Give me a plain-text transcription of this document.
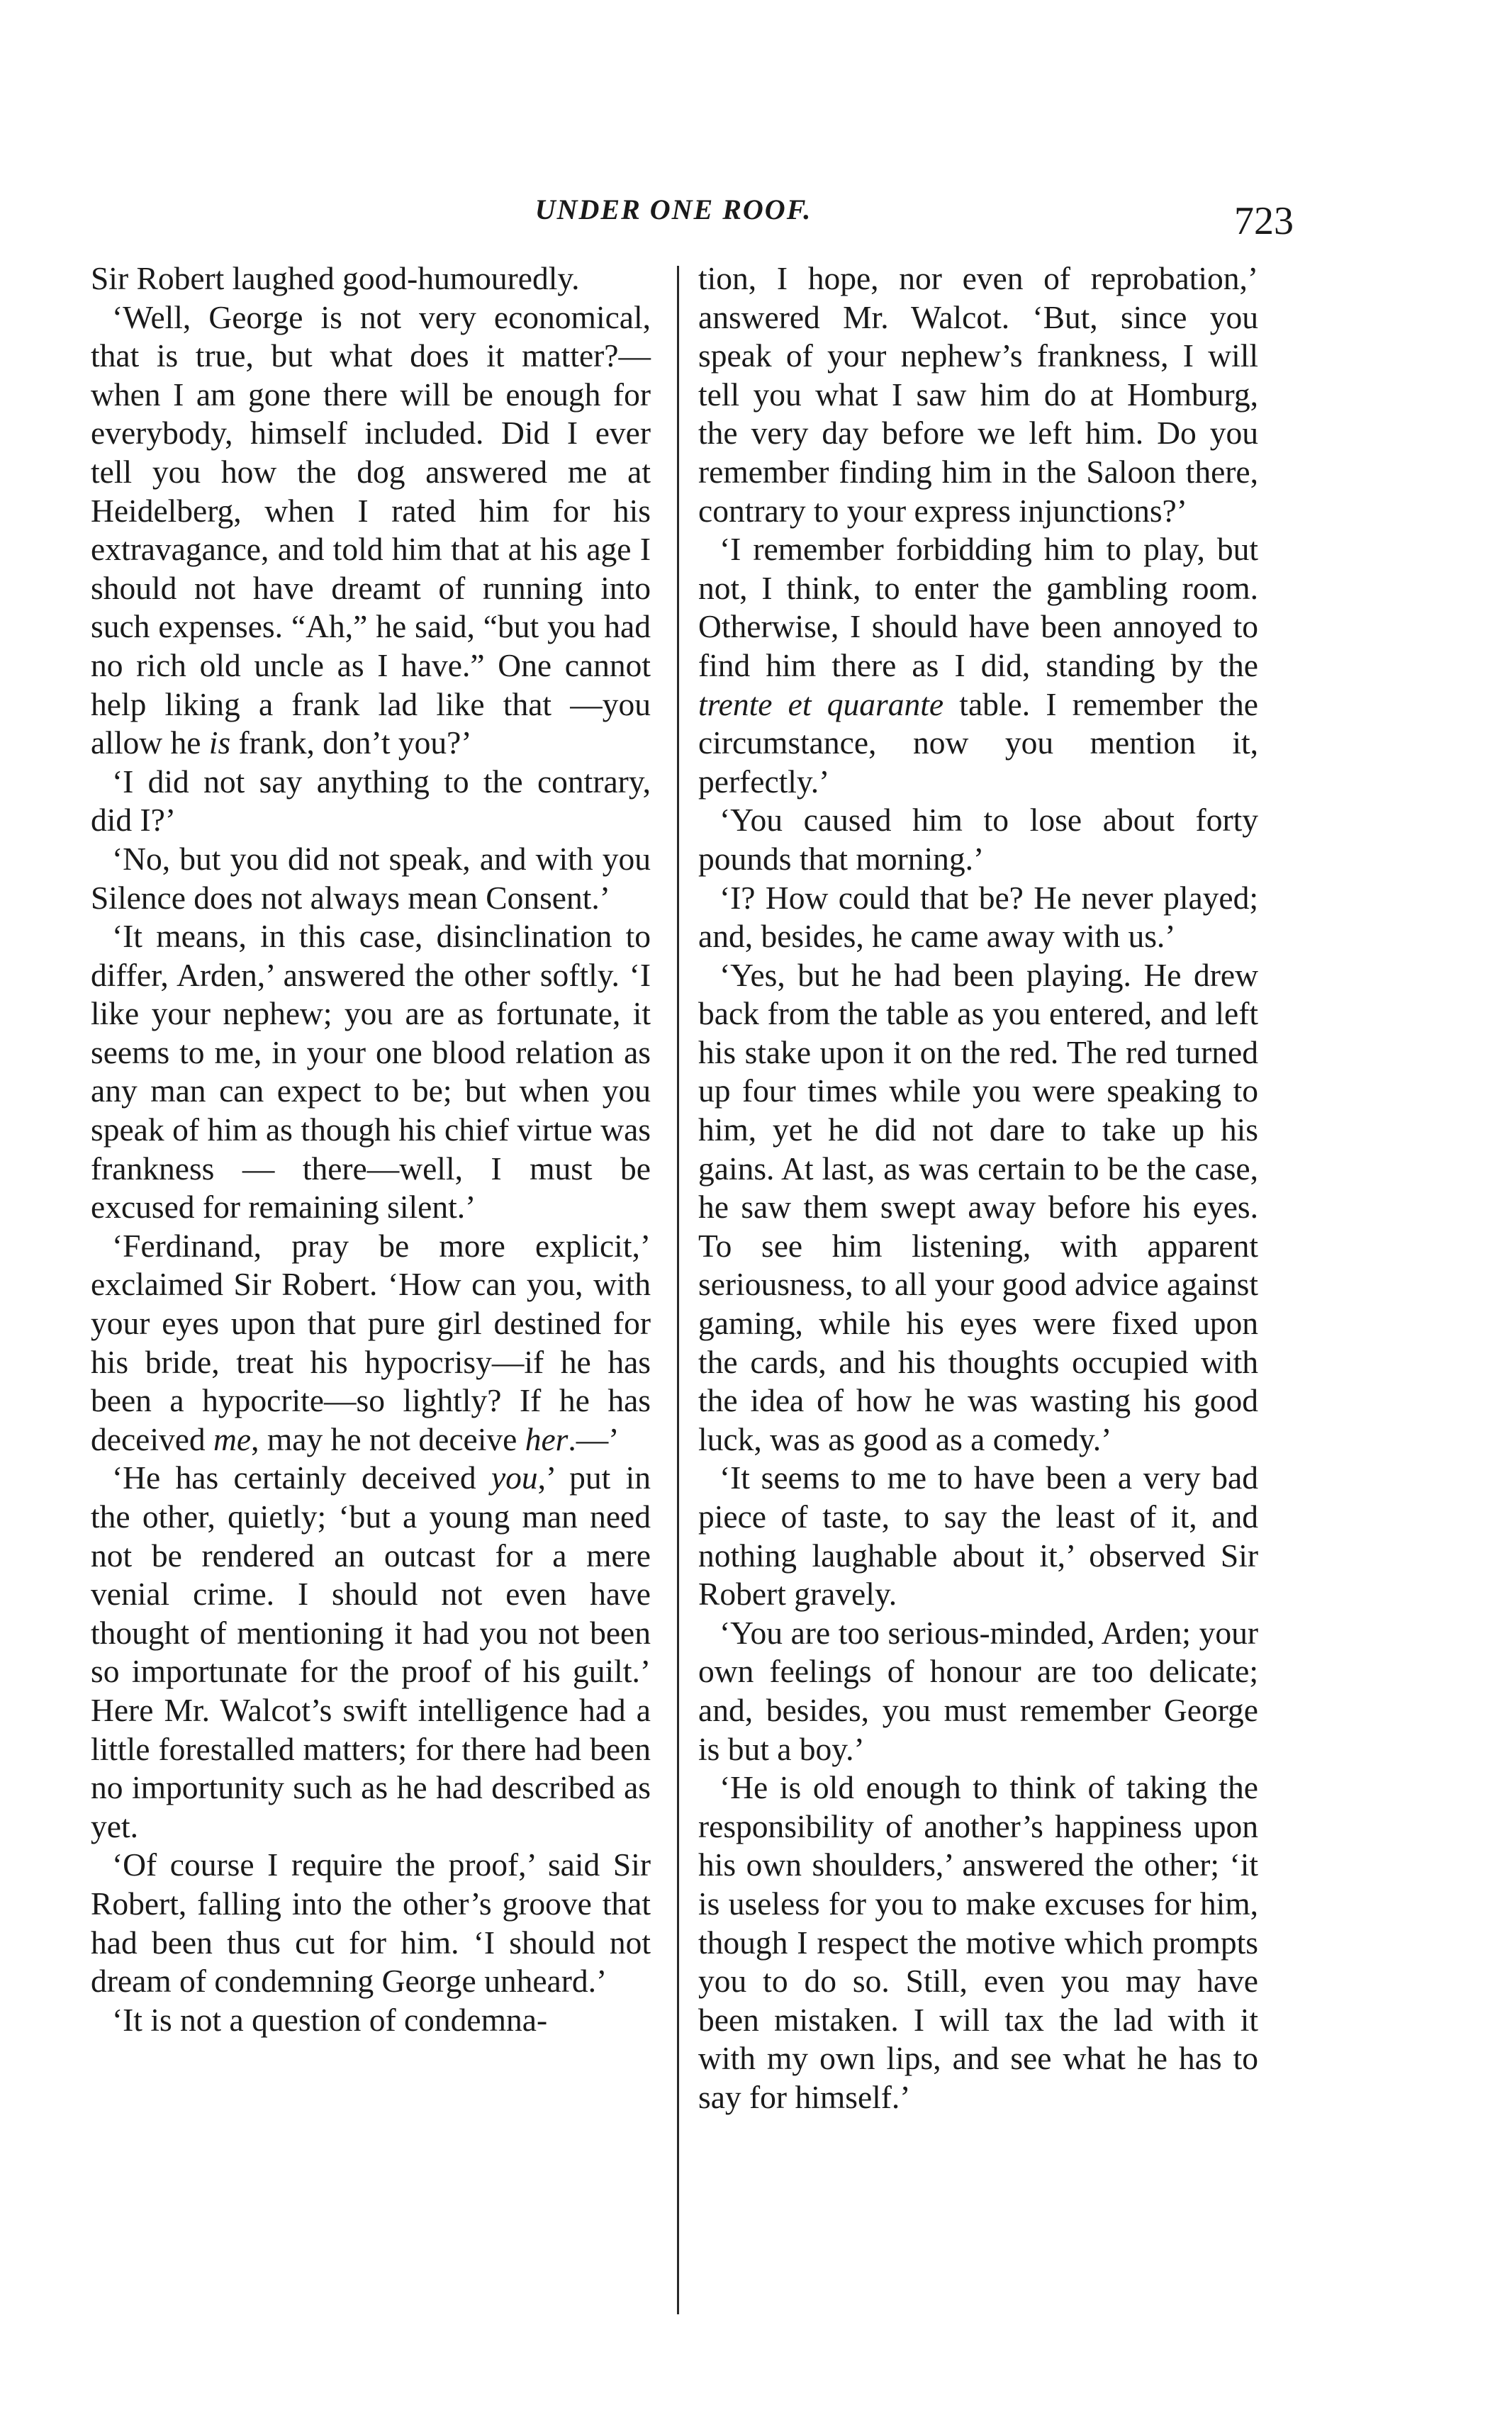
UNDER ONE ROOF.	723

Sir Robert laughed good-humouredly.

‘Well, George is not very economical, that is true, but what does it matter?—when I am gone there will be enough for everybody, himself included. Did I ever tell you how the dog answered me at Heidelberg, when I rated him for his extravagance, and told him that at his age I should not have dreamt of running into such expenses. “Ah,” he said, “but you had no rich old uncle as I have.” One cannot help liking a frank lad like that —you allow he is frank, don’t you?’

‘I did not say anything to the contrary, did I?’

‘No, but you did not speak, and with you Silence does not always mean Consent.’

‘It means, in this case, disinclination to differ, Arden,’ answered the other softly. ‘I like your nephew; you are as fortunate, it seems to me, in your one blood relation as any man can expect to be; but when you speak of him as though his chief virtue was frankness — there—well, I must be excused for remaining silent.’

‘Ferdinand, pray be more explicit,’ exclaimed Sir Robert. ‘How can you, with your eyes upon that pure girl destined for his bride, treat his hypocrisy—if he has been a hypocrite—so lightly? If he has deceived me, may he not deceive her.—’

‘He has certainly deceived you,’ put in the other, quietly; ‘but a young man need not be rendered an outcast for a mere venial crime. I should not even have thought of mentioning it had you not been so importunate for the proof of his guilt.’ Here Mr. Walcot’s swift intelligence had a little forestalled matters; for there had been no importunity such as he had described as yet.

‘Of course I require the proof,’ said Sir Robert, falling into the other’s groove that had been thus cut for him. ‘I should not dream of condemning George unheard.’

‘It is not a question of condemna-

tion, I hope, nor even of reprobation,’ answered Mr. Walcot. ‘But, since you speak of your nephew’s frankness, I will tell you what I saw him do at Homburg, the very day before we left him. Do you remember finding him in the Saloon there, contrary to your express injunctions?’

‘I remember forbidding him to play, but not, I think, to enter the gambling room. Otherwise, I should have been annoyed to find him there as I did, standing by the trente et quarante table. I remember the circumstance, now you mention it, perfectly.’

‘You caused him to lose about forty pounds that morning.’

‘I? How could that be? He never played; and, besides, he came away with us.’

‘Yes, but he had been playing. He drew back from the table as you entered, and left his stake upon it on the red. The red turned up four times while you were speaking to him, yet he did not dare to take up his gains. At last, as was certain to be the case, he saw them swept away before his eyes. To see him listening, with apparent seriousness, to all your good advice against gaming, while his eyes were fixed upon the cards, and his thoughts occupied with the idea of how he was wasting his good luck, was as good as a comedy.’

‘It seems to me to have been a very bad piece of taste, to say the least of it, and nothing laughable about it,’ observed Sir Robert gravely.

‘You are too serious-minded, Arden; your own feelings of honour are too delicate; and, besides, you must remember George is but a boy.’

‘He is old enough to think of taking the responsibility of another’s happiness upon his own shoulders,’ answered the other; ‘it is useless for you to make excuses for him, though I respect the motive which prompts you to do so. Still, even you may have been mistaken. I will tax the lad with it with my own lips, and see what he has to say for himself.’
